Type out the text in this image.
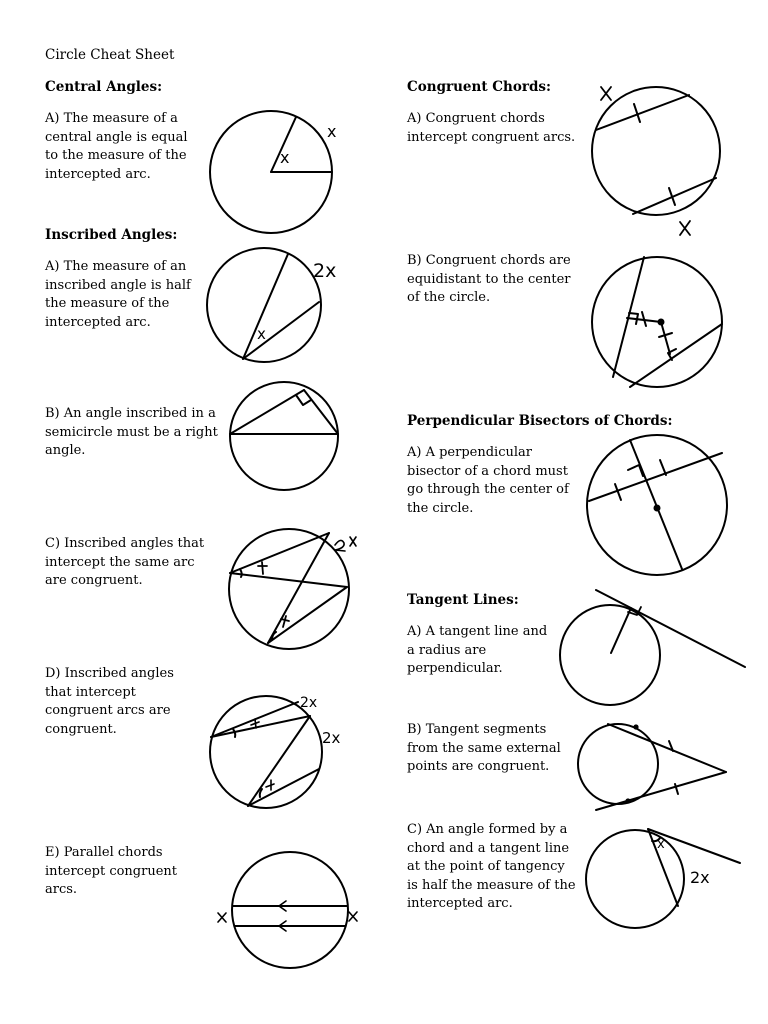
Circle Cheat Sheet
Central Angles:
A) The measure of a central angle is equal to the measure of the intercepted arc.
Inscribed Angles:
A) The measure of an inscribed angle is half the measure of the intercepted arc.
B) An angle inscribed in a semicircle must be a right angle.
C) Inscribed angles that intercept the same arc are congruent.
D) Inscribed angles that intercept congruent arcs are congruent.
E) Parallel chords intercept congruent arcs.
Congruent Chords:
A) Congruent chords intercept congruent arcs.
B) Congruent chords are equidistant to the center of the circle.
Perpendicular Bisectors of Chords:
A) A perpendicular bisector of a chord must go through the center of the circle.
Tangent Lines:
A) A tangent line and a radius are perpendicular.
B) Tangent segments from the same external points are congruent.
C) An angle formed by a chord and a tangent line at the point of tangency is half the measure of the intercepted arc.
x
x
x
2x
2x
2x
x
2x
